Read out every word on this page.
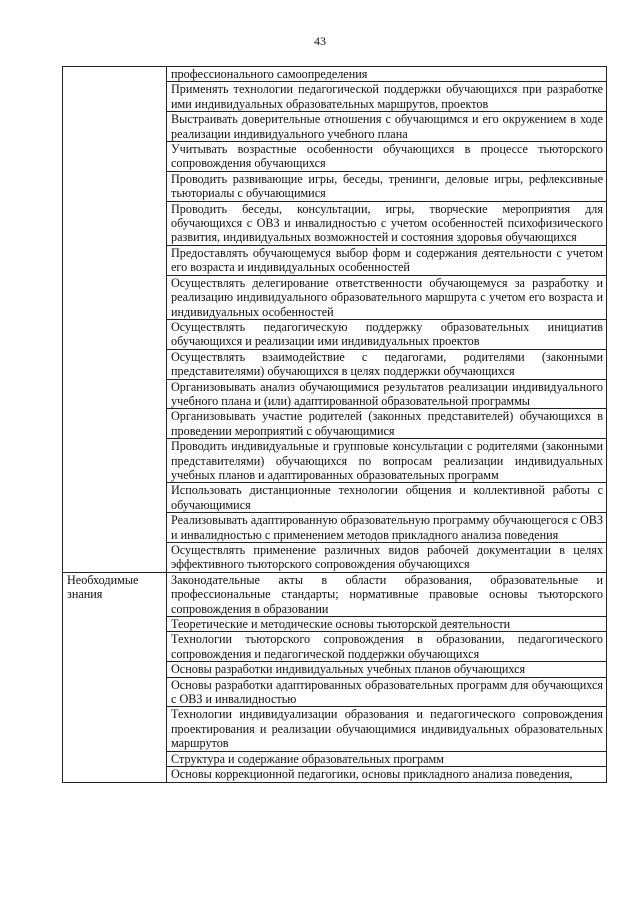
43
	профессионального самоопределения
	Применять технологии педагогической поддержки обучающихся при разработке ими индивидуальных образовательных маршрутов, проектов
	Выстраивать доверительные отношения с обучающимся и его окружением в ходе реализации индивидуального учебного плана
	Учитывать возрастные особенности обучающихся в процессе тьюторского сопровождения обучающихся
	Проводить развивающие игры, беседы, тренинги, деловые игры, рефлексивные тьюториалы с обучающимися
	Проводить беседы, консультации, игры, творческие мероприятия для обучающихся с ОВЗ и инвалидностью с учетом особенностей психофизического развития, индивидуальных возможностей и состояния здоровья обучающихся
	Предоставлять обучающемуся выбор форм и содержания деятельности с учетом его возраста и индивидуальных особенностей
	Осуществлять делегирование ответственности обучающемуся за разработку и реализацию индивидуального образовательного маршрута с учетом его возраста и индивидуальных особенностей
	Осуществлять педагогическую поддержку образовательных инициатив обучающихся и реализации ими индивидуальных проектов
	Осуществлять взаимодействие с педагогами, родителями (законными представителями) обучающихся в целях поддержки обучающихся
	Организовывать анализ обучающимися результатов реализации индивидуального учебного плана и (или) адаптированной образовательной программы
	Организовывать участие родителей (законных представителей) обучающихся в проведении мероприятий с обучающимися
	Проводить индивидуальные и групповые консультации с родителями (законными представителями) обучающихся по вопросам реализации индивидуальных учебных планов и адаптированных образовательных программ
	Использовать дистанционные технологии общения и коллективной работы с обучающимися
	Реализовывать адаптированную образовательную программу обучающегося с ОВЗ и инвалидностью с применением методов прикладного анализа поведения
	Осуществлять применение различных видов рабочей документации в целях эффективного тьюторского сопровождения обучающихся
Необходимые знания	Законодательные акты в области образования, образовательные и профессиональные стандарты; нормативные правовые основы тьюторского сопровождения в образовании
	Теоретические и методические основы тьюторской деятельности
	Технологии тьюторского сопровождения в образовании, педагогического сопровождения и педагогической поддержки обучающихся
	Основы разработки индивидуальных учебных планов обучающихся
	Основы разработки адаптированных образовательных программ для обучающихся с ОВЗ и инвалидностью
	Технологии индивидуализации образования и педагогического сопровождения проектирования и реализации обучающимися индивидуальных образовательных маршрутов
	Структура и содержание образовательных программ
	Основы коррекционной педагогики, основы прикладного анализа поведения,
